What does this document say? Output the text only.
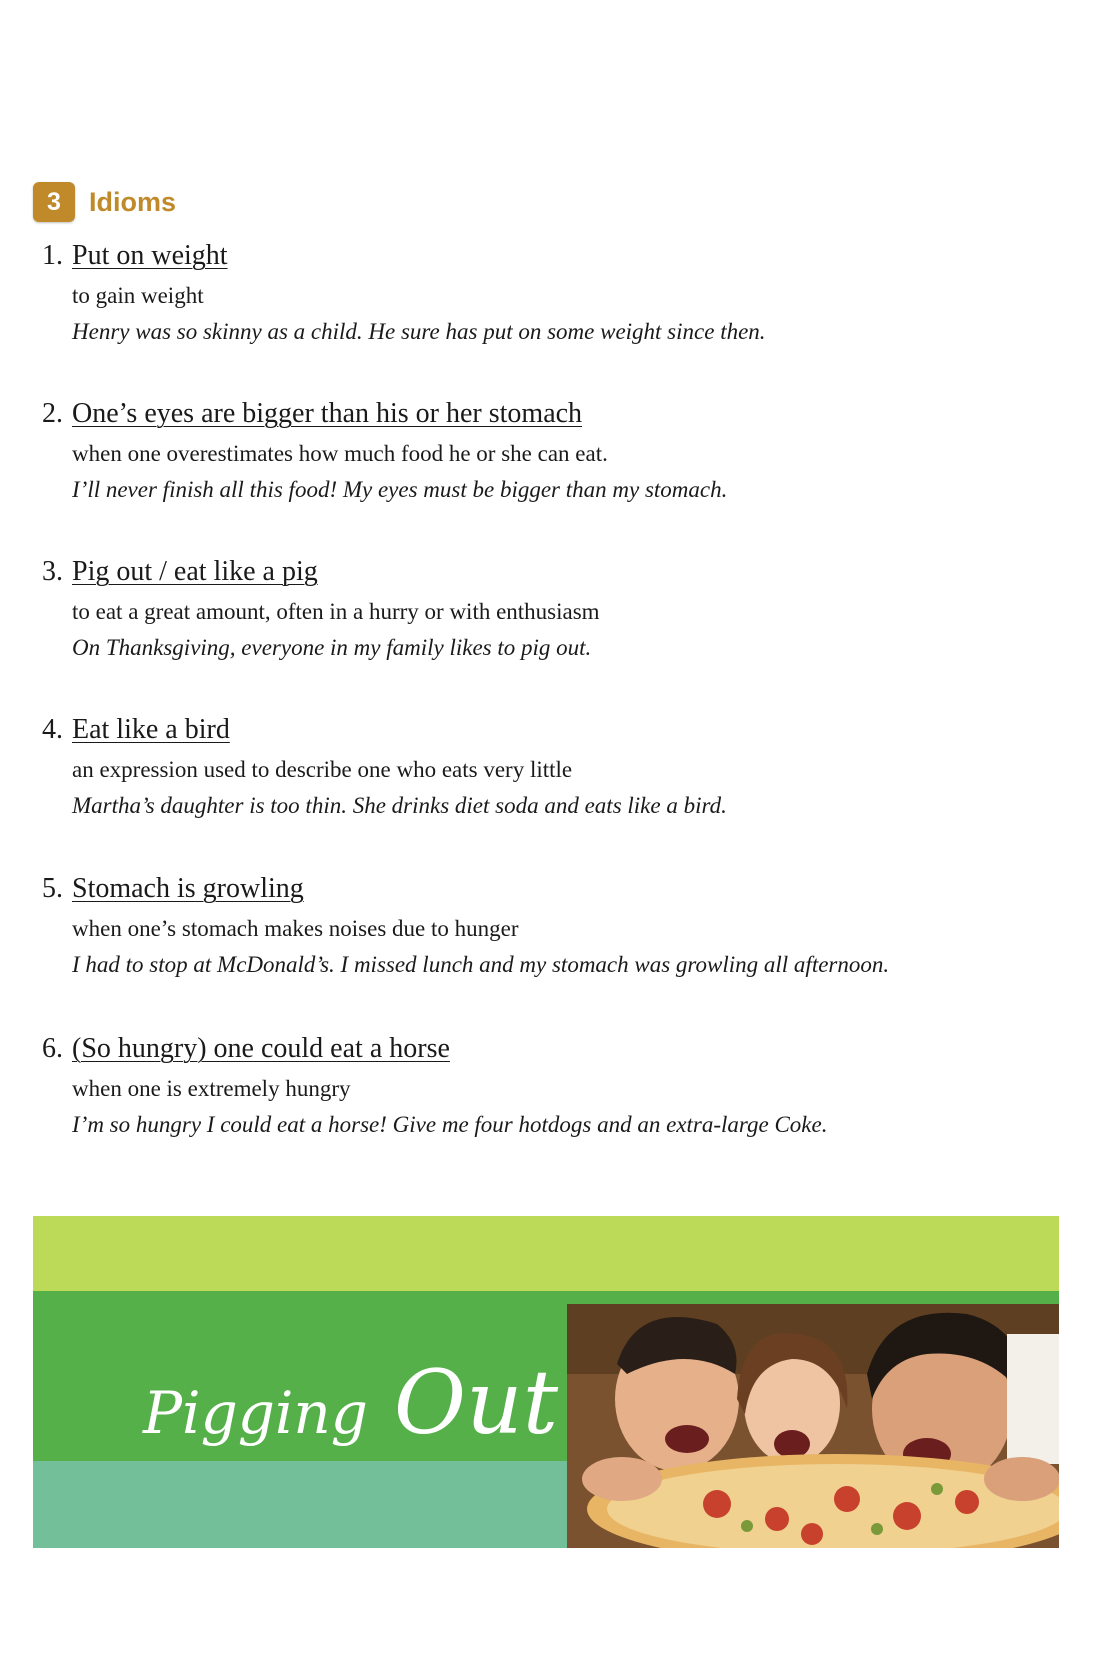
3	Idioms
1. Put on weight
to gain weight
Henry was so skinny as a child. He sure has put on some weight since then.
2. One’s eyes are bigger than his or her stomach
when one overestimates how much food he or she can eat.
I’ll never finish all this food! My eyes must be bigger than my stomach.
3. Pig out / eat like a pig
to eat a great amount, often in a hurry or with enthusiasm
On Thanksgiving, everyone in my family likes to pig out.
4. Eat like a bird
an expression used to describe one who eats very little
Martha’s daughter is too thin. She drinks diet soda and eats like a bird.
5. Stomach is growling
when one’s stomach makes noises due to hunger
I had to stop at McDonald’s. I missed lunch and my stomach was growling all afternoon.
6. (So hungry) one could eat a horse
when one is extremely hungry
I’m so hungry I could eat a horse! Give me four hotdogs and an extra-large Coke.
Pigging Out
